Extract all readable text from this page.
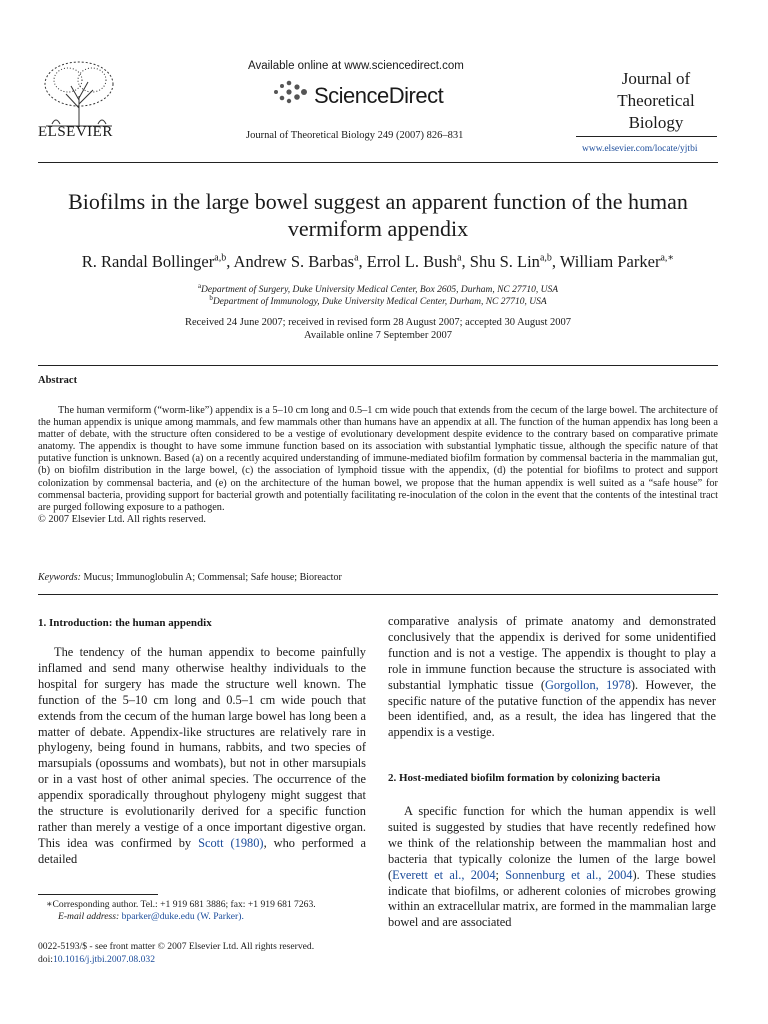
ELSEVIER
Available online at www.sciencedirect.com
ScienceDirect
Journal of Theoretical Biology 249 (2007) 826–831
Journal of
Theoretical
Biology
www.elsevier.com/locate/yjtbi
Biofilms in the large bowel suggest an apparent function of the human
vermiform appendix
R. Randal Bollinger$^{a,b}$, Andrew S. Barbas$^a$, Errol L. Bush$^a$, Shu S. Lin$^{a,b}$, William Parker$^{a,∗}$
$^a$Department of Surgery, Duke University Medical Center, Box 2605, Durham, NC 27710, USA
$^b$Department of Immunology, Duke University Medical Center, Durham, NC 27710, USA
Received 24 June 2007; received in revised form 28 August 2007; accepted 30 August 2007
Available online 7 September 2007
Abstract
The human vermiform (“worm-like”) appendix is a 5–10 cm long and 0.5–1 cm wide pouch that extends from the cecum of the large bowel. The architecture of the human appendix is unique among mammals, and few mammals other than humans have an appendix at all. The function of the human appendix has long been a matter of debate, with the structure often considered to be a vestige of evolutionary development despite evidence to the contrary based on comparative primate anatomy. The appendix is thought to have some immune function based on its association with substantial lymphatic tissue, although the specific nature of that putative function is unknown. Based (a) on a recently acquired understanding of immune-mediated biofilm formation by commensal bacteria in the mammalian gut, (b) on biofilm distribution in the large bowel, (c) the association of lymphoid tissue with the appendix, (d) the potential for biofilms to protect and support colonization by commensal bacteria, and (e) on the architecture of the human bowel, we propose that the human appendix is well suited as a “safe house” for commensal bacteria, providing support for bacterial growth and potentially facilitating re-inoculation of the colon in the event that the contents of the intestinal tract are purged following exposure to a pathogen.
© 2007 Elsevier Ltd. All rights reserved.
Keywords: Mucus; Immunoglobulin A; Commensal; Safe house; Bioreactor
1. Introduction: the human appendix

The tendency of the human appendix to become painfully inflamed and send many otherwise healthy individuals to the hospital for surgery has made the structure well known. The function of the 5–10 cm long and 0.5–1 cm wide pouch that extends from the cecum of the human large bowel has long been a matter of debate. Appendix-like structures are relatively rare in phylogeny, being found in humans, rabbits, and two species of marsupials (opossums and wombats), but not in other marsupials or in a vast host of other animal species. The occurrence of the appendix sporadically throughout phylogeny might suggest that the structure is evolutionarily derived for a specific function rather than merely a vestige of a once important digestive organ. This idea was confirmed by Scott (1980), who performed a detailed

∗Corresponding author. Tel.: +1 919 681 3886; fax: +1 919 681 7263.
E-mail address: bparker@duke.edu (W. Parker).
0022-5193/$ - see front matter © 2007 Elsevier Ltd. All rights reserved.
doi:10.1016/j.jtbi.2007.08.032

comparative analysis of primate anatomy and demonstrated conclusively that the appendix is derived for some unidentified function and is not a vestige. The appendix is thought to play a role in immune function because the structure is associated with substantial lymphatic tissue (Gorgollon, 1978). However, the specific nature of the putative function of the appendix has never been identified, and, as a result, the idea has lingered that the appendix is a vestige.

2. Host-mediated biofilm formation by colonizing bacteria

A specific function for which the human appendix is well suited is suggested by studies that have recently redefined how we think of the relationship between the mammalian host and bacteria that typically colonize the lumen of the large bowel (Everett et al., 2004; Sonnenburg et al., 2004). These studies indicate that biofilms, or adherent colonies of microbes growing within an extracellular matrix, are formed in the mammalian large bowel and are associated
